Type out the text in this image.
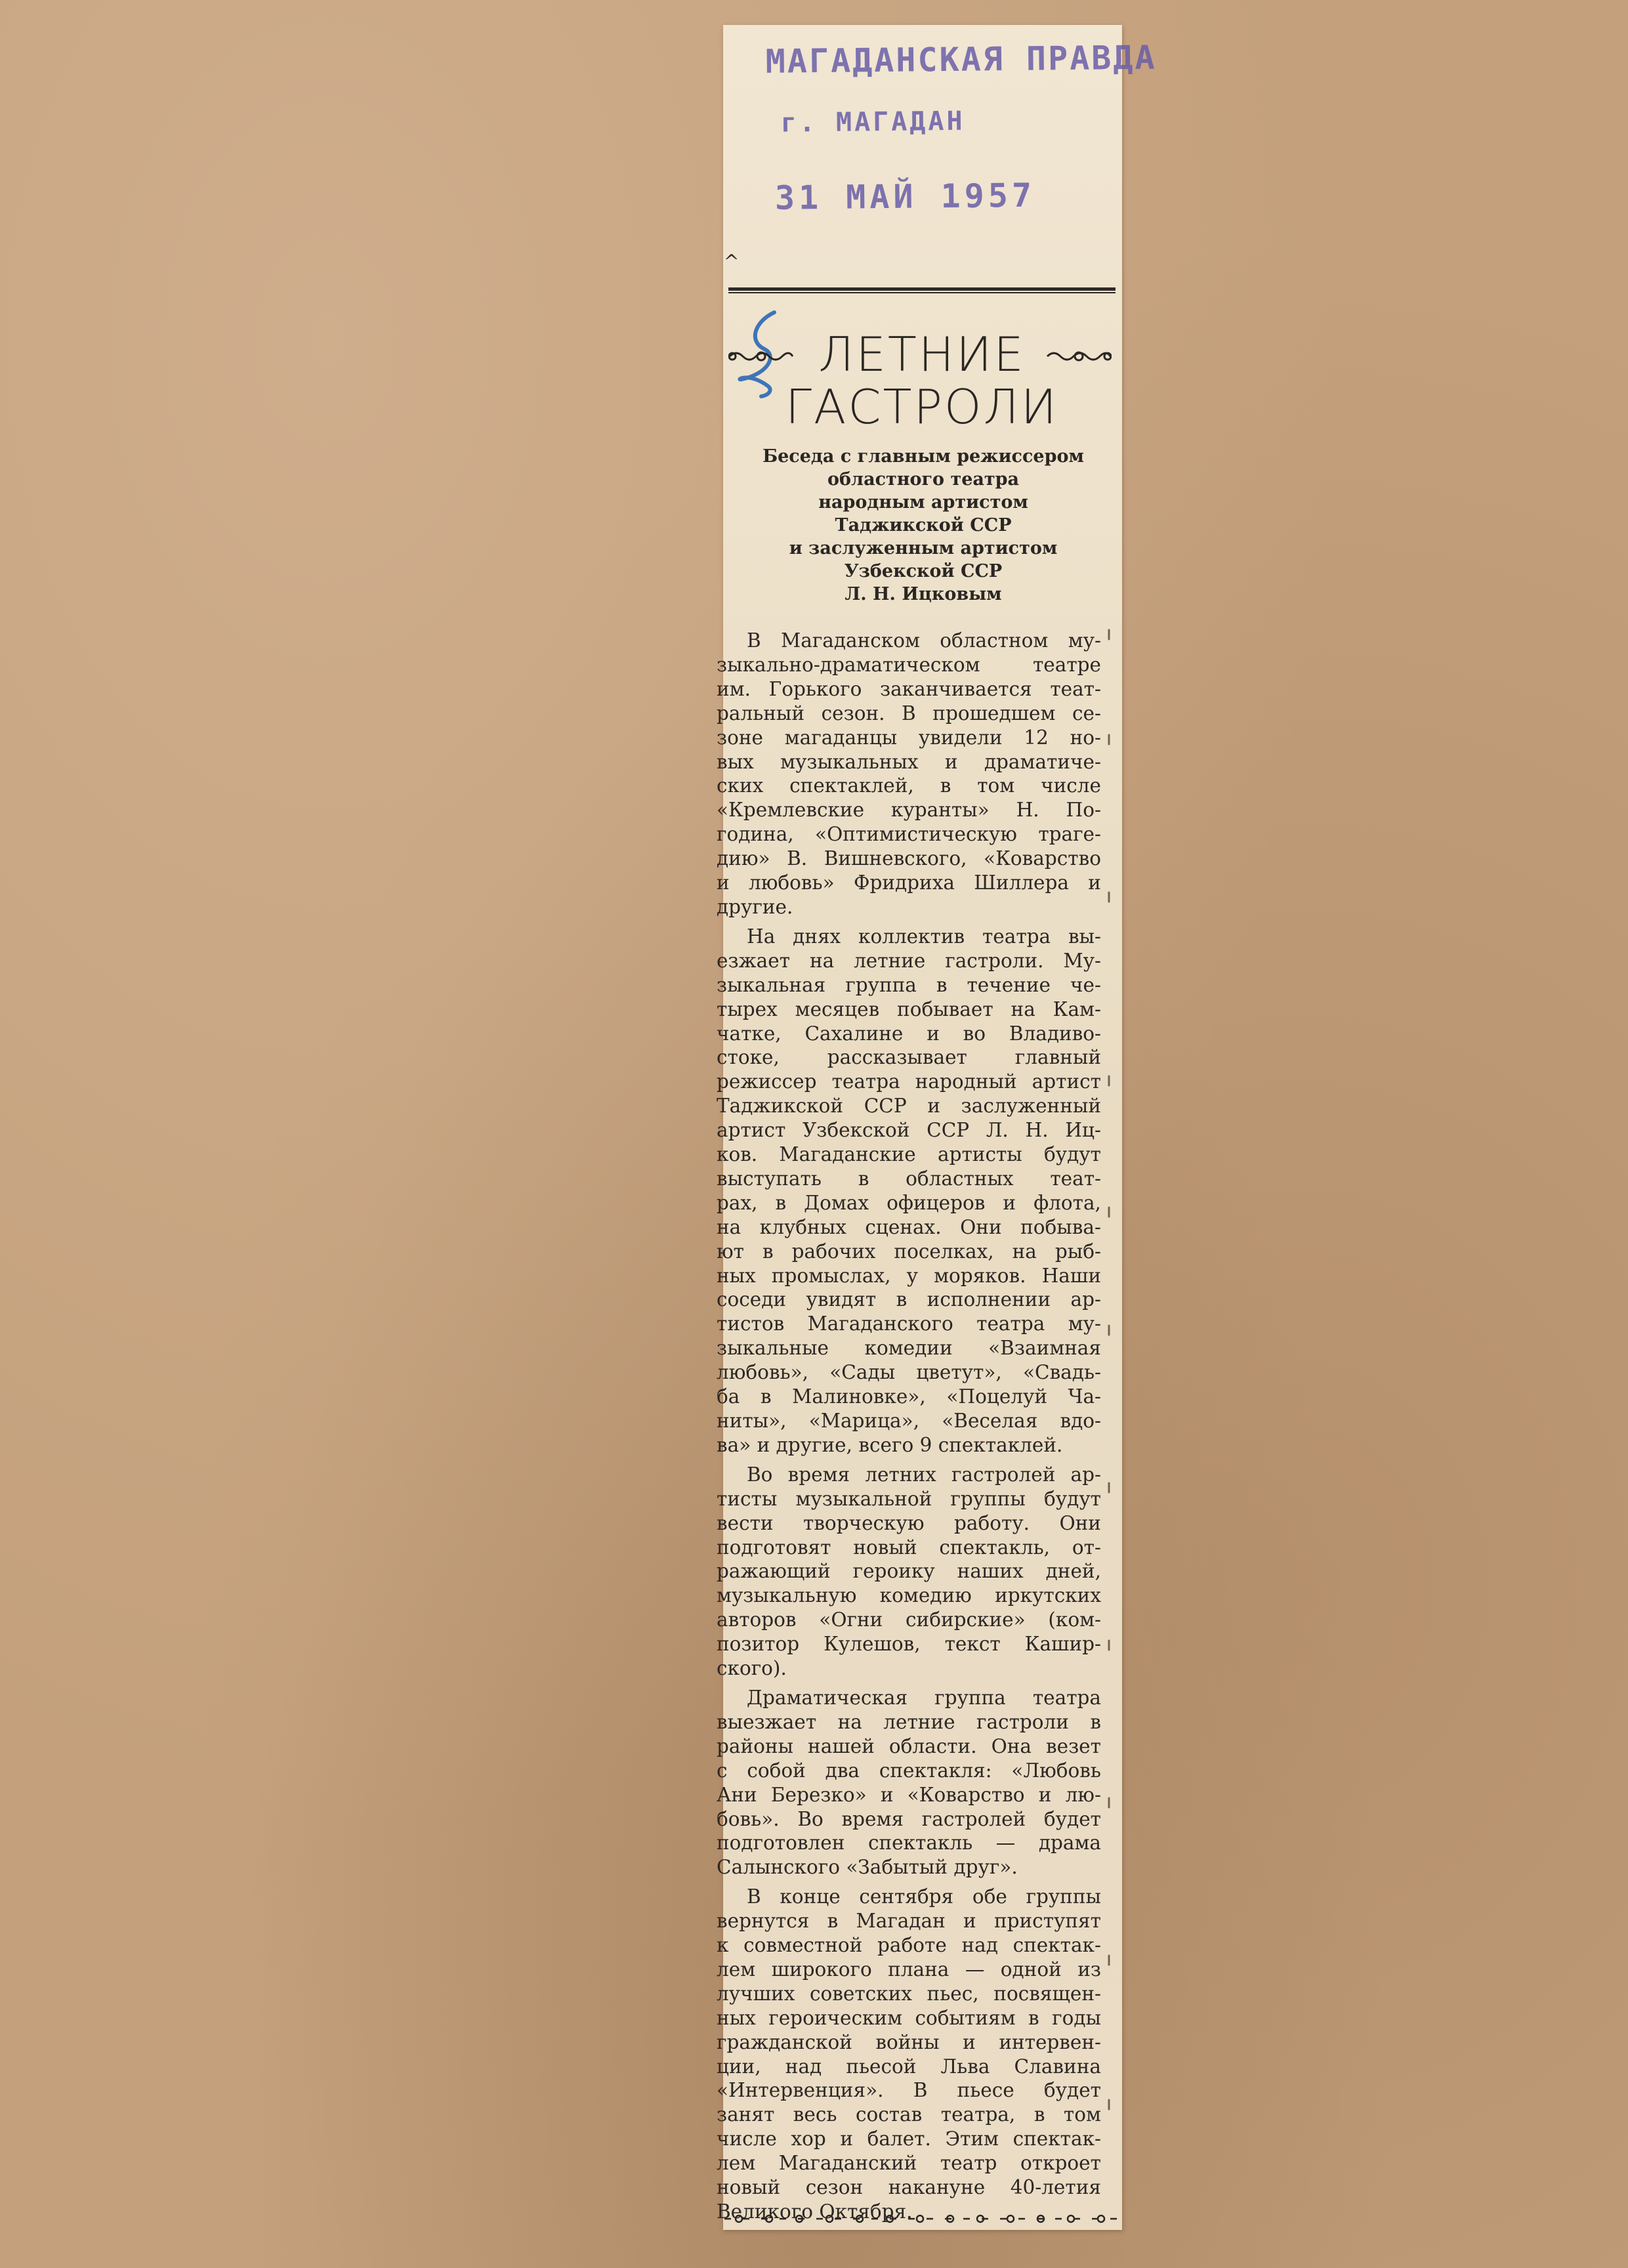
МАГАДАНСКАЯ ПРАВДА
г. МАГАДАН
31 МАЙ 1957
^
ЛЕТНИЕ
ГАСТРОЛИ
Беседа с главным режиссером
областного театра
народным артистом
Таджикской ССР
и заслуженным артистом
Узбекской ССР
Л. Н. Ицковым
В Магаданском областном му-
зыкально-драматическом	театре
им. Горького заканчивается теат-
ральный сезон. В прошедшем се-
зоне магаданцы увидели 12 но-
вых музыкальных и драматиче-
ских спектаклей, в том числе
«Кремлевские куранты» Н. По-
година, «Оптимистическую траге-
дию» В. Вишневского, «Коварство
и любовь» Фридриха Шиллера и
другие.
На днях коллектив театра вы-
езжает на летние гастроли. Му-
зыкальная группа в течение че-
тырех месяцев побывает на Кам-
чатке, Сахалине и во Владиво-
стоке, рассказывает главный
режиссер театра народный артист
Таджикской ССР и заслуженный
артист Узбекской ССР Л. Н. Иц-
ков. Магаданские артисты будут
выступать в областных теат-
рах, в Домах офицеров и флота,
на клубных сценах. Они побыва-
ют в рабочих поселках, на рыб-
ных промыслах, у моряков. Наши
соседи увидят в исполнении ар-
тистов Магаданского театра му-
зыкальные комедии «Взаимная
любовь», «Сады цветут», «Свадь-
ба в Малиновке», «Поцелуй Ча-
ниты», «Марица», «Веселая вдо-
ва» и другие, всего 9 спектаклей.
Во время летних гастролей ар-
тисты музыкальной группы будут
вести творческую работу. Они
подготовят новый спектакль, от-
ражающий героику наших дней,
музыкальную комедию иркутских
авторов «Огни сибирские» (ком-
позитор Кулешов, текст Кашир-
ского).
Драматическая группа театра
выезжает на летние гастроли в
районы нашей области. Она везет
с собой два спектакля: «Любовь
Ани Березко» и «Коварство и лю-
бовь». Во время гастролей будет
подготовлен спектакль — драма
Салынского «Забытый друг».
В конце сентября обе группы
вернутся в Магадан и приступят
к совместной работе над спектак-
лем широкого плана — одной из
лучших советских пьес, посвящен-
ных героическим событиям в годы
гражданской войны и интервен-
ции, над пьесой Льва Славина
«Интервенция». В пьесе будет
занят весь состав театра, в том
числе хор и балет. Этим спектак-
лем Магаданский театр откроет
новый сезон накануне 40-летия
Великого Октября.
